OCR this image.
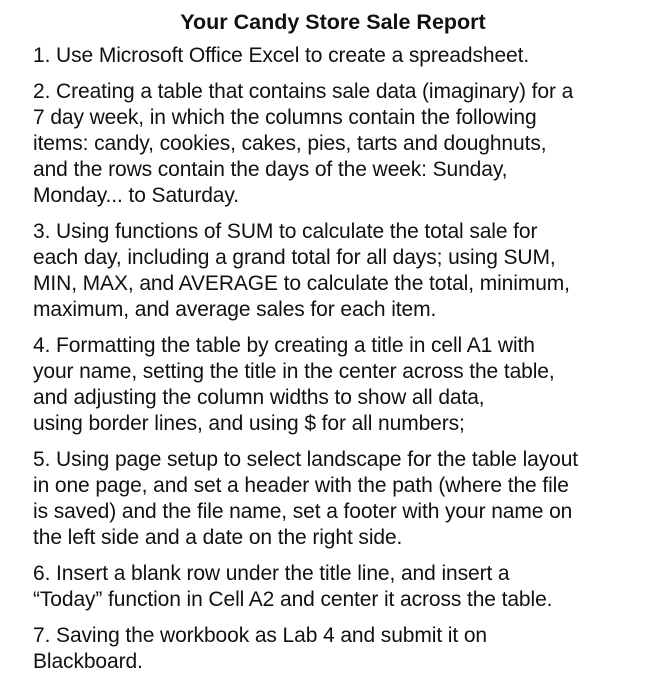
Your Candy Store Sale Report
1. Use Microsoft Office Excel to create a spreadsheet.
2. Creating a table that contains sale data (imaginary) for a
7 day week, in which the columns contain the following
items: candy, cookies, cakes, pies, tarts and doughnuts,
and the rows contain the days of the week: Sunday,
Monday... to Saturday.
3. Using functions of SUM to calculate the total sale for
each day, including a grand total for all days; using SUM,
MIN, MAX, and AVERAGE to calculate the total, minimum,
maximum, and average sales for each item.
4. Formatting the table by creating a title in cell A1 with
your name, setting the title in the center across the table,
and adjusting the column widths to show all data,
using border lines, and using $ for all numbers;
5. Using page setup to select landscape for the table layout
in one page, and set a header with the path (where the file
is saved) and the file name, set a footer with your name on
the left side and a date on the right side.
6. Insert a blank row under the title line, and insert a
“Today” function in Cell A2 and center it across the table.
7. Saving the workbook as Lab 4 and submit it on
Blackboard.
